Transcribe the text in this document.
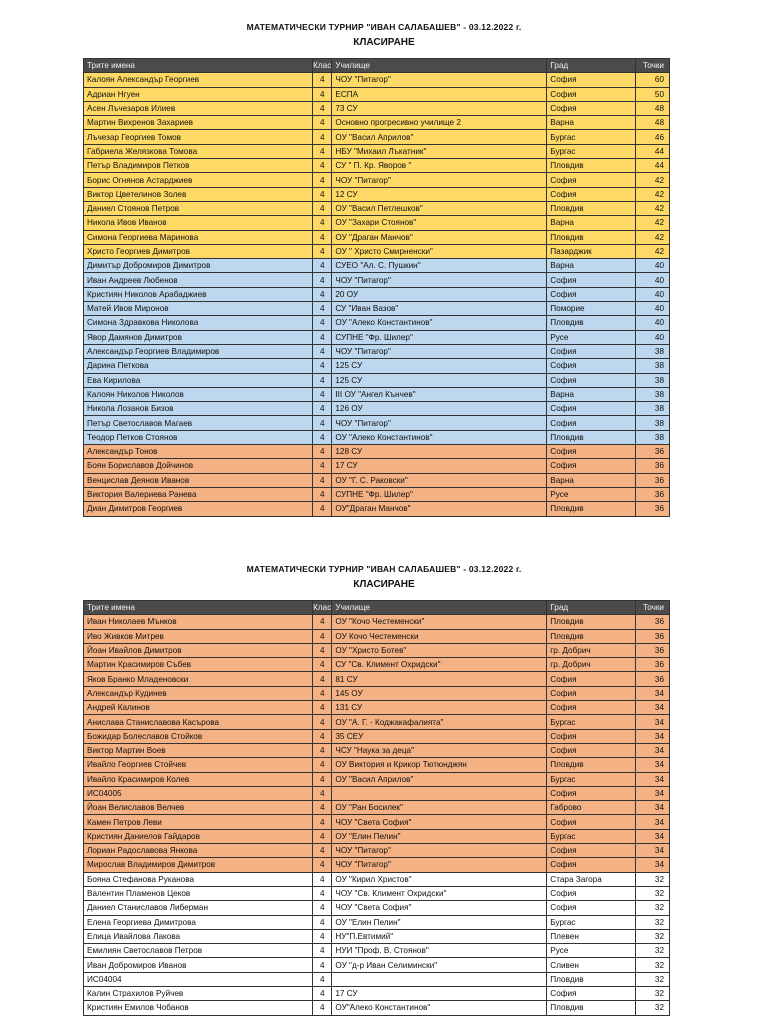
МАТЕМАТИЧЕСКИ ТУРНИР "ИВАН САЛАБАШЕВ" - 03.12.2022 г.
КЛАСИРАНЕ
Трите имена	Клас	Училище	Град	Точки
Калоян Александър Георгиев	4	ЧОУ "Питагор"	София	60
Адриан Нгуен	4	ЕСПА	София	50
Асен Лъчезаров Илиев	4	73 СУ	София	48
Мартин Вихренов Захариев	4	Основно прогресивно училище 2	Варна	48
Лъчезар Георгиев Томов	4	ОУ "Васил Априлов"	Бургас	46
Габриела Желязкова Томова	4	НБУ "Михаил Лъкатник"	Бургас	44
Петър Владимиров Петков	4	СУ " П. Кр. Яворов "	Пловдив	44
Борис Огнянов Астарджиев	4	ЧОУ "Питагор"	София	42
Виктор Цветелинов Золев	4	12 СУ	София	42
Даниел Стоянов Петров	4	ОУ "Васил Петлешков"	Пловдив	42
Никола Ивов Иванов	4	ОУ "Захари Стоянов"	Варна	42
Симона Георгиева Маринова	4	ОУ "Драган Манчов"	Пловдив	42
Христо Георгиев Димитров	4	ОУ " Христо Смирненски"	Пазарджик	42
Димитър Добромиров Димитров	4	СУЕО "Ал. С. Пушкин"	Варна	40
Иван Андреев Любенов	4	ЧОУ "Питагор"	София	40
Кристиян Николов Арабаджиев	4	20 ОУ	София	40
Матей Ивов Миронов	4	СУ "Иван Вазов"	Поморие	40
Симона Здравкова Николова	4	ОУ "Алеко Константинов"	Пловдив	40
Явор Дамянов Димитров	4	СУПНЕ "Фр. Шилер"	Русе	40
Александър Георгиев Владимиров	4	ЧОУ "Питагор"	София	38
Дарина Петкова	4	125 СУ	София	38
Ева Кирилова	4	125 СУ	София	38
Калоян Николов Николов	4	III ОУ "Ангел Кънчев"	Варна	38
Никола Лозанов Бизов	4	126 ОУ	София	38
Петър Светославов Магаев	4	ЧОУ "Питагор"	София	38
Теодор Петков Стоянов	4	ОУ "Алеко Константинов"	Пловдив	38
Александър Тонов	4	128 СУ	София	36
Боян Бориславов Дойчинов	4	17 СУ	София	36
Венцислав Деянов Иванов	4	ОУ "Г. С. Раковски"	Варна	36
Виктория Валериева Ранева	4	СУПНЕ "Фр. Шилер"	Русе	36
Диан Димитров Георгиев	4	ОУ"Драган Манчов"	Пловдив	36
МАТЕМАТИЧЕСКИ ТУРНИР "ИВАН САЛАБАШЕВ" - 03.12.2022 г.
КЛАСИРАНЕ
Трите имена	Клас	Училище	Град	Точки
Иван Николаев Мънков	4	ОУ "Кочо Честеменски"	Пловдив	36
Иво Живков Митрев	4	ОУ Кочо Честеменски	Пловдив	36
Йоан Ивайлов Димитров	4	ОУ "Христо Ботев"	гр. Добрич	36
Мартин Красимиров Събев	4	СУ "Св. Климент Охридски"	гр. Добрич	36
Яков Бранко Младеновски	4	81 СУ	София	36
Александър Кудинев	4	145 ОУ	София	34
Андрей Калинов	4	131 СУ	София	34
Анислава Станиславова Касърова	4	ОУ "А. Г. - Коджакафалията"	Бургас	34
Божидар Болеславов Стойков	4	35 СЕУ	София	34
Виктор Мартин Воев	4	ЧСУ "Наука за деца"	София	34
Ивайло Георгиев Стойчев	4	ОУ Виктория и Крикор Тютюнджян	Пловдив	34
Ивайло Красимиров Колев	4	ОУ "Васил Априлов"	Бургас	34
ИС04005	4		София	34
Йоан Велиславов Велчев	4	ОУ "Ран Босилек"	Габрово	34
Камен Петров Леви	4	ЧОУ "Света София"	София	34
Кристиян Даниелов Гайдаров	4	ОУ "Елин Пелин"	Бургас	34
Лориан Радославова Янкова	4	ЧОУ "Питагор"	София	34
Мирослав Владимиров Димитров	4	ЧОУ "Питагор"	София	34
Бояна Стефанова Руканова	4	ОУ "Кирил Христов"	Стара Загора	32
Валентин Пламенов Цеков	4	ЧОУ "Св. Климент Охридски"	София	32
Даниел Станиславов Либерман	4	ЧОУ "Света София"	София	32
Елена Георгиева Димитрова	4	ОУ "Елин Пелин"	Бургас	32
Елица Ивайлова Лакова	4	НУ"П.Евтимий"	Плевен	32
Емилиян Светославов Петров	4	НУИ "Проф. В. Стоянов"	Русе	32
Иван Добромиров Иванов	4	ОУ "д-р Иван Селимински"	Сливен	32
ИС04004	4		Пловдив	32
Калин Страхилов Руйчев	4	17 СУ	София	32
Кристиян Емилов Чобанов	4	ОУ"Алеко Константинов"	Пловдив	32
